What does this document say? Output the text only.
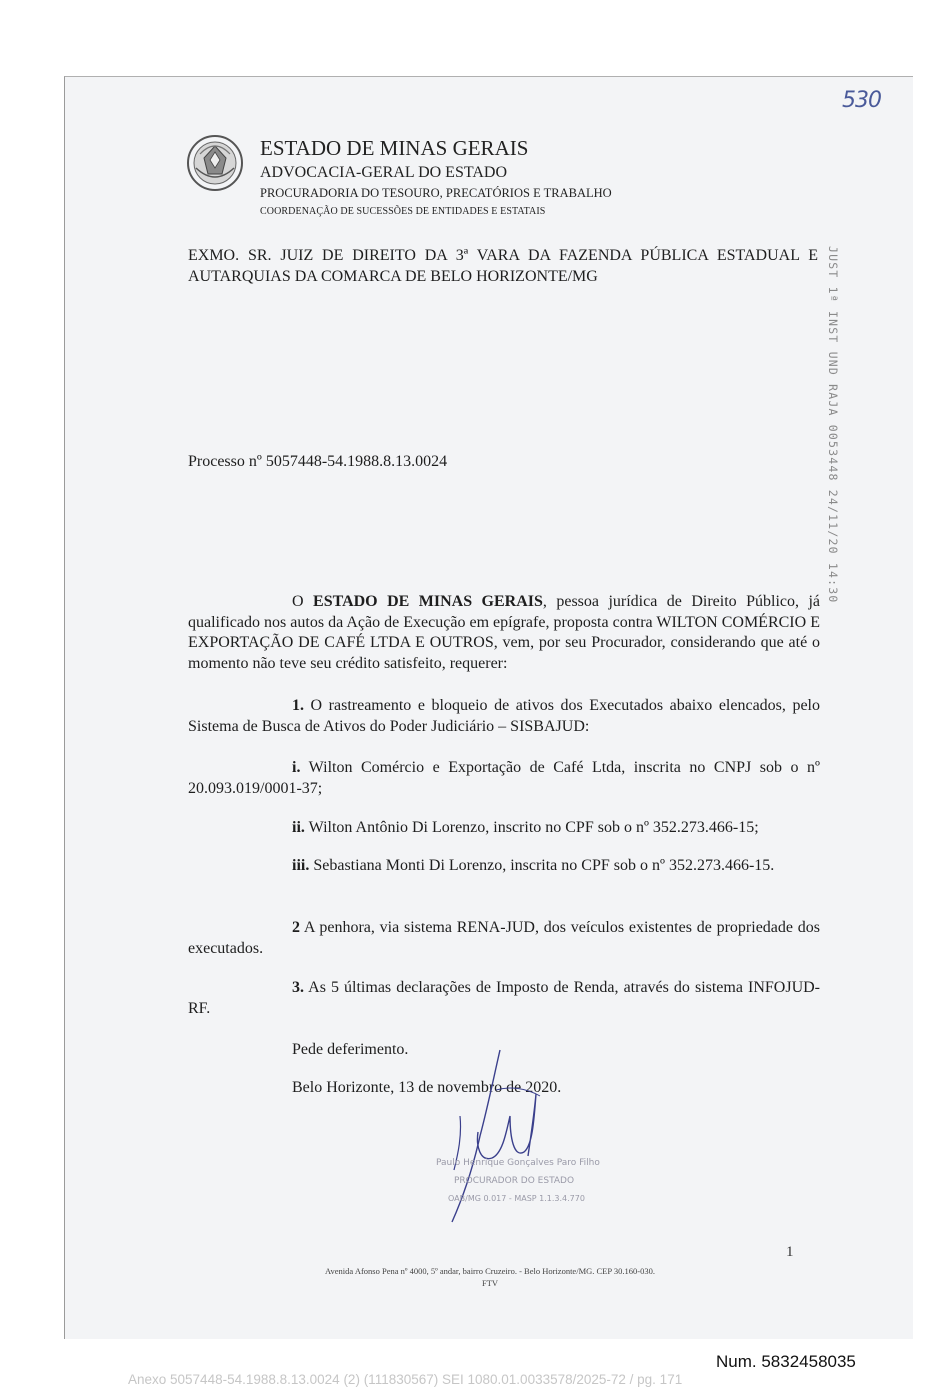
530
ESTADO DE MINAS GERAIS
ADVOCACIA-GERAL DO ESTADO
PROCURADORIA DO TESOURO, PRECATÓRIOS E TRABALHO
COORDENAÇÃO DE SUCESSÕES DE ENTIDADES E ESTATAIS
EXMO. SR. JUIZ DE DIREITO DA 3ª VARA DA FAZENDA PÚBLICA ESTADUAL E AUTARQUIAS DA COMARCA DE BELO HORIZONTE/MG	JUST 1ª INST UND RAJA 0053448 24/11/20 14:30
Processo nº 5057448-54.1988.8.13.0024
O ESTADO DE MINAS GERAIS, pessoa jurídica de Direito Público, já qualificado nos autos da Ação de Execução em epígrafe, proposta contra WILTON COMÉRCIO E EXPORTAÇÃO DE CAFÉ LTDA E OUTROS, vem, por seu Procurador, considerando que até o momento não teve seu crédito satisfeito, requerer:
1. O rastreamento e bloqueio de ativos dos Executados abaixo elencados, pelo Sistema de Busca de Ativos do Poder Judiciário – SISBAJUD:
i. Wilton Comércio e Exportação de Café Ltda, inscrita no CNPJ sob o nº 20.093.019/0001-37;
ii. Wilton Antônio Di Lorenzo, inscrito no CPF sob o nº 352.273.466-15;
iii. Sebastiana Monti Di Lorenzo, inscrita no CPF sob o nº 352.273.466-15.
2 A penhora, via sistema RENA-JUD, dos veículos existentes de propriedade dos executados.
3. As 5 últimas declarações de Imposto de Renda, através do sistema INFOJUD-RF.
Pede deferimento.
Belo Horizonte, 13 de novembro de 2020.
Paulo Henrique Gonçalves Paro Filho
PROCURADOR DO ESTADO
OAB/MG 0.017 - MASP 1.1.3.4.770
1
Avenida Afonso Pena nº 4000, 5º andar, bairro Cruzeiro. - Belo Horizonte/MG. CEP 30.160-030.
FTV
Num. 5832458035
Anexo 5057448-54.1988.8.13.0024 (2) (111830567) SEI 1080.01.0033578/2025-72 / pg. 171
